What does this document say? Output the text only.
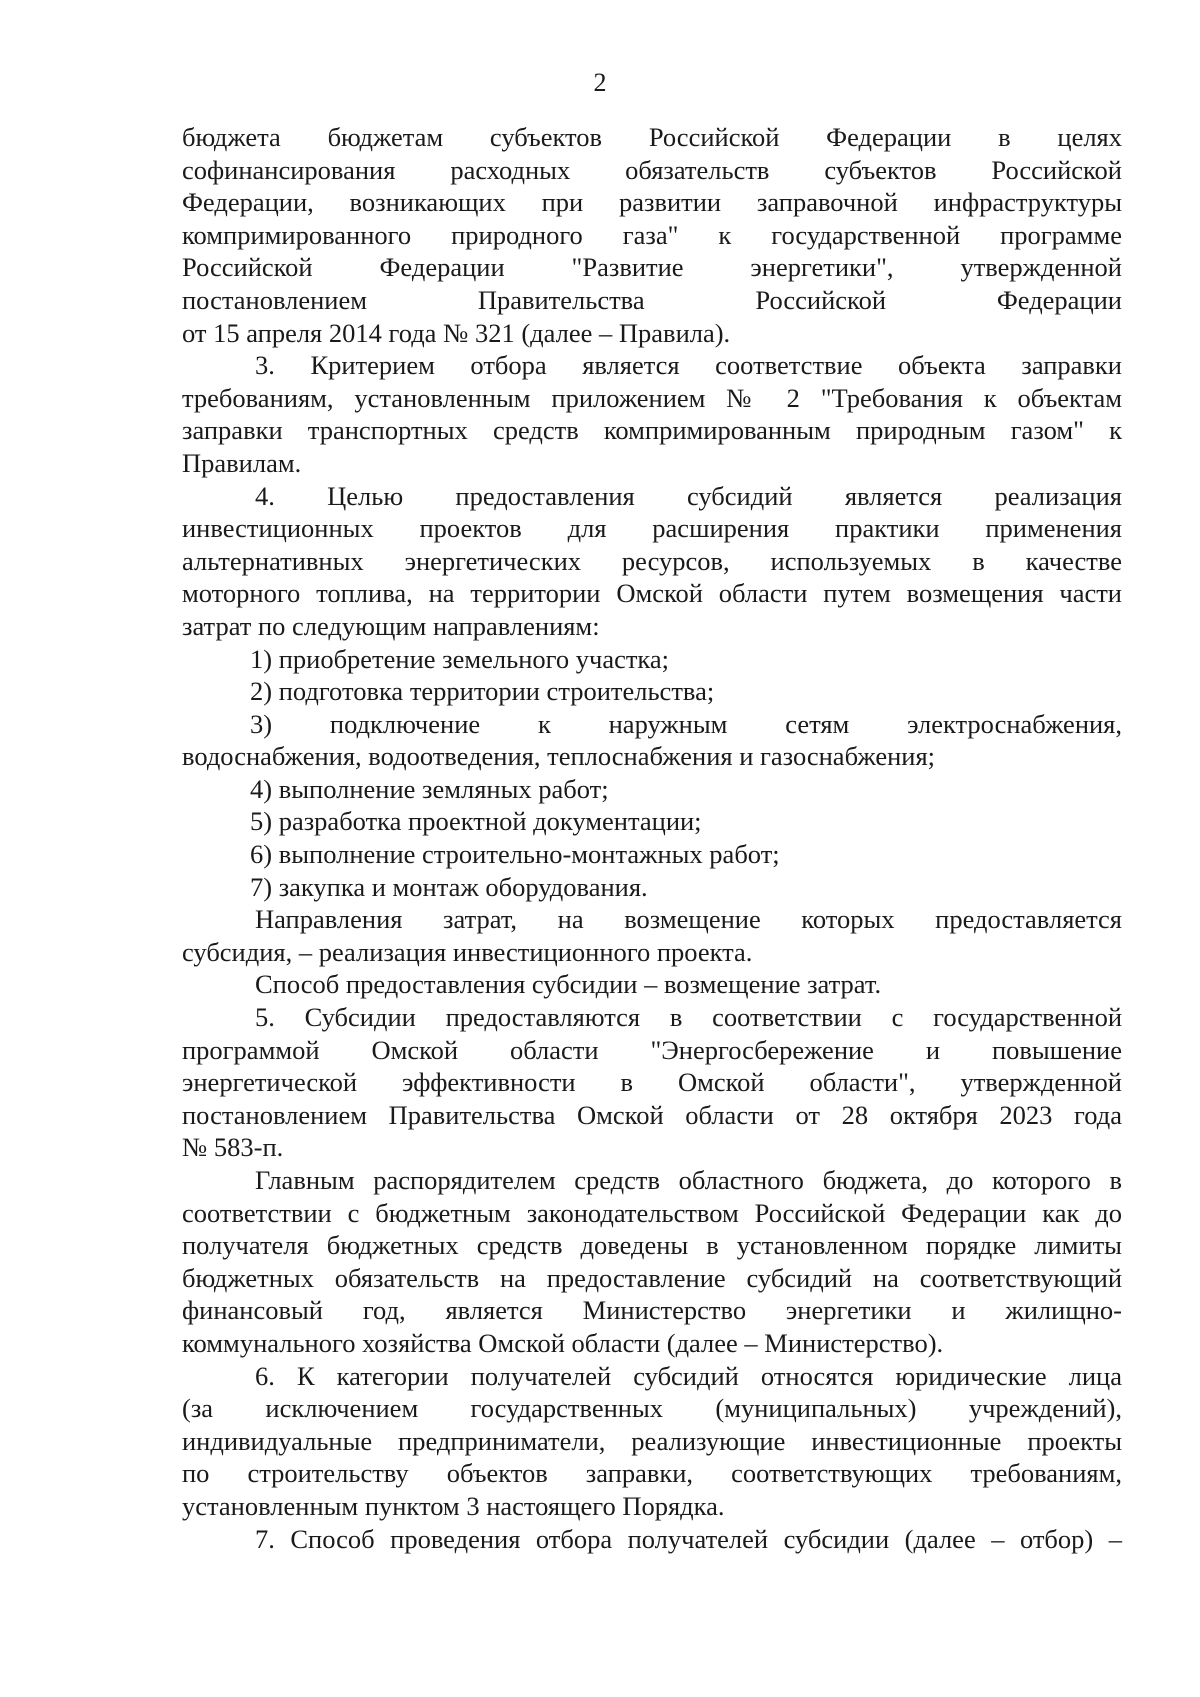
2
бюджета бюджетам субъектов Российской Федерации в целях
софинансирования расходных обязательств субъектов Российской
Федерации, возникающих при развитии заправочной инфраструктуры
компримированного природного газа" к государственной программе
Российской Федерации "Развитие энергетики", утвержденной
постановлением Правительства Российской Федерации
от 15 апреля 2014 года № 321 (далее – Правила).
3. Критерием отбора является соответствие объекта заправки
требованиям, установленным приложением № 2 "Требования к объектам
заправки транспортных средств компримированным природным газом" к
Правилам.
4. Целью предоставления субсидий является реализация
инвестиционных проектов для расширения практики применения
альтернативных энергетических ресурсов, используемых в качестве
моторного топлива, на территории Омской области путем возмещения части
затрат по следующим направлениям:
1) приобретение земельного участка;
2) подготовка территории строительства;
3) подключение к наружным сетям электроснабжения,
водоснабжения, водоотведения, теплоснабжения и газоснабжения;
4) выполнение земляных работ;
5) разработка проектной документации;
6) выполнение строительно-монтажных работ;
7) закупка и монтаж оборудования.
Направления затрат, на возмещение которых предоставляется
субсидия, – реализация инвестиционного проекта.
Способ предоставления субсидии – возмещение затрат.
5. Субсидии предоставляются в соответствии с государственной
программой Омской области "Энергосбережение и повышение
энергетической эффективности в Омской области", утвержденной
постановлением Правительства Омской области от 28 октября 2023 года
№ 583-п.
Главным распорядителем средств областного бюджета, до которого в
соответствии с бюджетным законодательством Российской Федерации как до
получателя бюджетных средств доведены в установленном порядке лимиты
бюджетных обязательств на предоставление субсидий на соответствующий
финансовый год, является Министерство энергетики и жилищно-
коммунального хозяйства Омской области (далее – Министерство).
6. К категории получателей субсидий относятся юридические лица
(за исключением государственных (муниципальных) учреждений),
индивидуальные предприниматели, реализующие инвестиционные проекты
по строительству объектов заправки, соответствующих требованиям,
установленным пунктом 3 настоящего Порядка.
7. Способ проведения отбора получателей субсидии (далее – отбор) –
